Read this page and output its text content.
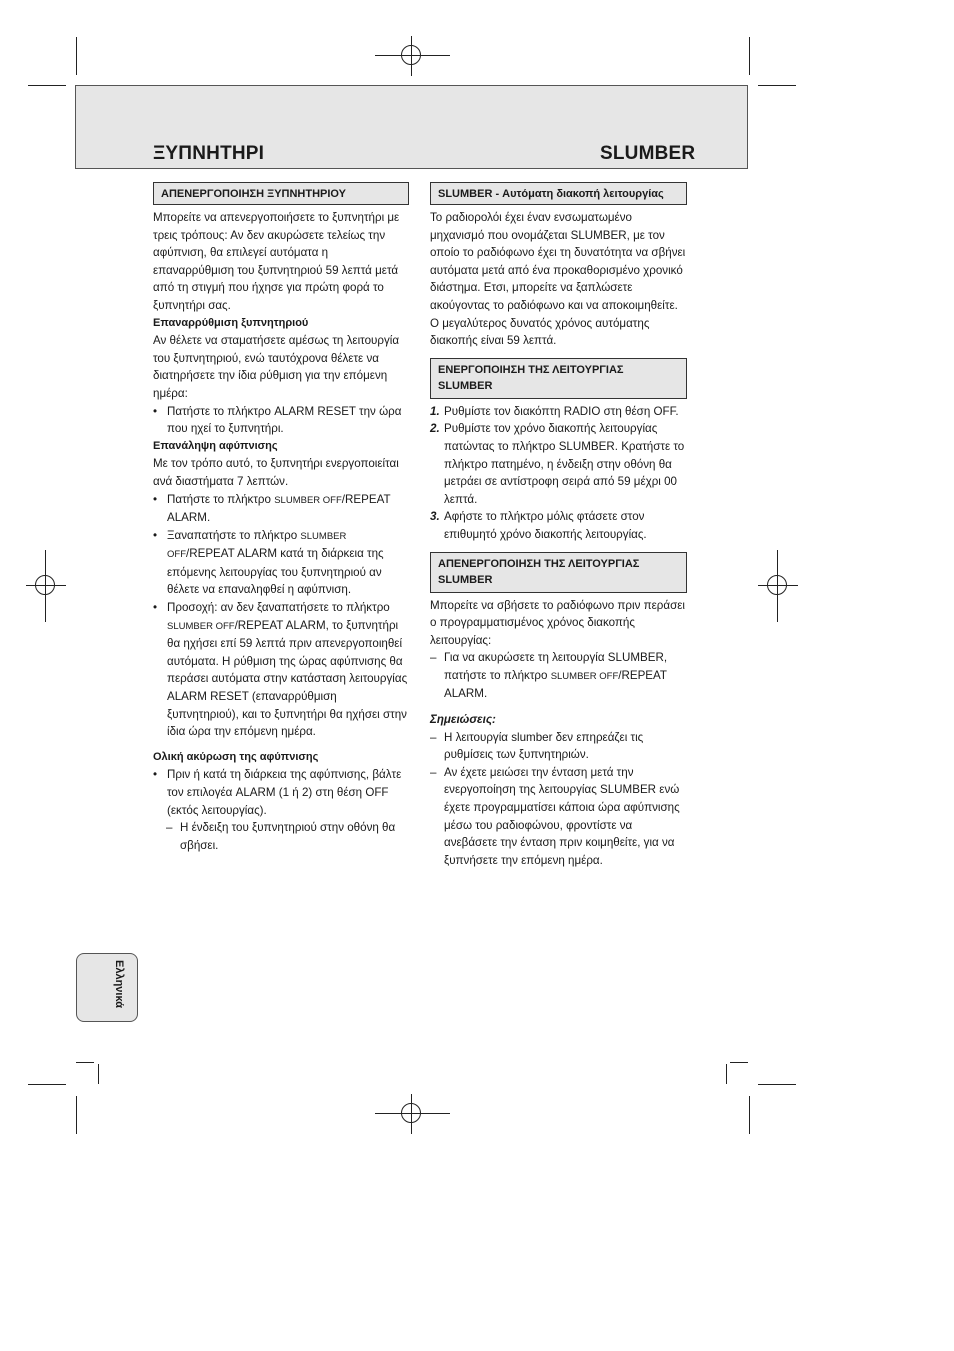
ΞΥΠΝΗΤΗΡΙ	SLUMBER
ΑΠΕΝΕΡΓΟΠΟΙΗΣΗ ΞΥΠΝΗΤΗΡΙΟΥ

Μπορείτε να απενεργοποιήσετε το ξυπνητήρι με τρεις τρόπους: Αν δεν ακυρώσετε τελείως την αφύπνιση, θα επιλεγεί αυτόματα η επαναρρύθμιση του ξυπνητηριού 59 λεπτά μετά από τη στιγμή που ήχησε για πρώτη φορά το ξυπνητήρι σας.

Επαναρρύθμιση ξυπνητηριού

Αν θέλετε να σταματήσετε αμέσως τη λειτουργία του ξυπνητηριού, ενώ ταυτόχρονα θέλετε να διατηρήσετε την ίδια ρύθμιση για την επόμενη ημέρα:

• Πατήστε το πλήκτρο ALARM RESET την ώρα που ηχεί το ξυπνητήρι.

Επανάληψη αφύπνισης

Με τον τρόπο αυτό, το ξυπνητήρι ενεργοποιείται ανά διαστήματα 7 λεπτών.

• Πατήστε το πλήκτρο SLUMBER OFF/REPEAT ALARM.
• Ξαναπατήστε το πλήκτρο SLUMBER OFF/REPEAT ALARM κατά τη διάρκεια της επόμενης λειτουργίας του ξυπνητηριού αν θέλετε να επαναληφθεί η αφύπνιση.
• Προσοχή: αν δεν ξαναπατήσετε το πλήκτρο SLUMBER OFF/REPEAT ALARM, το ξυπνητήρι θα ηχήσει επί 59 λεπτά πριν απενεργοποιηθεί αυτόματα. Η ρύθμιση της ώρας αφύπνισης θα περάσει αυτόματα στην κατάσταση λειτουργίας ALARM RESET (επαναρρύθμιση ξυπνητηριού), και το ξυπνητήρι θα ηχήσει στην ίδια ώρα την επόμενη ημέρα.

Ολική ακύρωση της αφύπνισης

• Πριν ή κατά τη διάρκεια της αφύπνισης, βάλτε τον επιλογέα ALARM (1 ή 2) στη θέση OFF (εκτός λειτουργίας).
– Η ένδειξη του ξυπνητηριού στην οθόνη θα σβήσει.
SLUMBER - Αυτόματη διακοπή λειτουργίας

Το ραδιορολόι έχει έναν ενσωματωμένο μηχανισμό που ονομάζεται SLUMBER, με τον οποίο το ραδιόφωνο έχει τη δυνατότητα να σβήνει αυτόματα μετά από ένα προκαθορισμένο χρονικό διάστημα. Ετσι, μπορείτε να ξαπλώσετε ακούγοντας το ραδιόφωνο και να αποκοιμηθείτε. Ο μεγαλύτερος δυνατός χρόνος αυτόματης διακοπής είναι 59 λεπτά.

ΕΝΕΡΓΟΠΟΙΗΣΗ ΤΗΣ ΛΕΙΤΟΥΡΓΙΑΣ SLUMBER
1. Ρυθμίστε τον διακόπτη RADIO στη θέση OFF.
2. Ρυθμίστε τον χρόνο διακοπής λειτουργίας πατώντας το πλήκτρο SLUMBER. Κρατήστε το πλήκτρο πατημένο, η ένδειξη στην οθόνη θα μετράει σε αντίστροφη σειρά από 59 μέχρι 00 λεπτά.
3. Αφήστε το πλήκτρο μόλις φτάσετε στον επιθυμητό χρόνο διακοπής λειτουργίας.
ΑΠΕΝΕΡΓΟΠΟΙΗΣΗ ΤΗΣ ΛΕΙΤΟΥΡΓΙΑΣ SLUMBER

Μπορείτε να σβήσετε το ραδιόφωνο πριν περάσει ο προγραμματισμένος χρόνος διακοπής λειτουργίας:

– Για να ακυρώσετε τη λειτουργία SLUMBER, πατήστε το πλήκτρο SLUMBER OFF/REPEAT ALARM.

Σημειώσεις:

– Η λειτουργία slumber δεν επηρεάζει τις ρυθμίσεις των ξυπνητηριών.
– Αν έχετε μειώσει την ένταση μετά την ενεργοποίηση της λειτουργίας SLUMBER ενώ έχετε προγραμματίσει κάποια ώρα αφύπνισης μέσω του ραδιοφώνου, φροντίστε να ανεβάσετε την ένταση πριν κοιμηθείτε, για να ξυπνήσετε την επόμενη ημέρα.
Ελληνικά
